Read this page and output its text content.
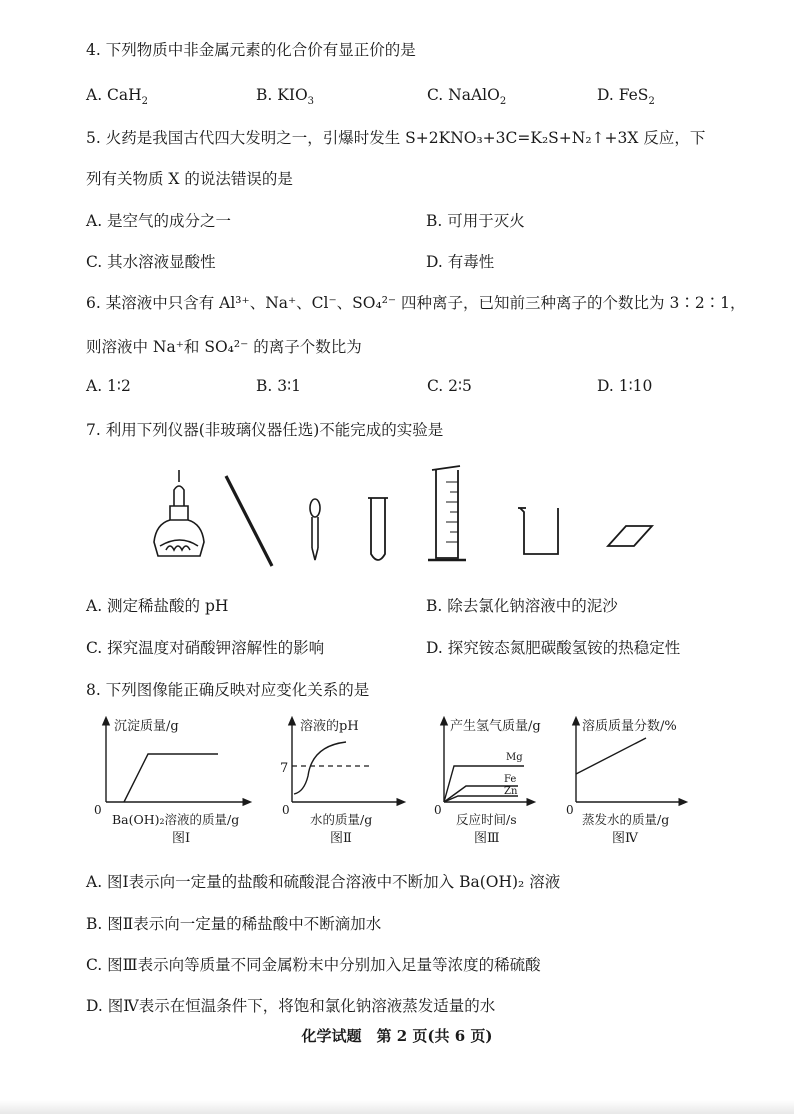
4. 下列物质中非金属元素的化合价有显正价的是
A. CaH$_2$	B. $KIO_3$	C. NaAlO$_2$	D. FeS$_2$
5. 火药是我国古代四大发明之一，引爆时发生 S+2KNO₃+3C=K₂S+N₂↑+3X 反应，下
列有关物质 X 的说法错误的是
A. 是空气的成分之一	B. 可用于灭火
C. 其水溶液显酸性	D. 有毒性
6. 某溶液中只含有 Al³⁺、Na⁺、Cl⁻、SO₄²⁻ 四种离子，已知前三种离子的个数比为 3∶2∶1，
则溶液中 Na⁺和 SO₄²⁻ 的离子个数比为
A. 1∶2	B. 3∶1	C. 2∶5	D. 1∶10
7. 利用下列仪器(非玻璃仪器任选)不能完成的实验是
A. 测定稀盐酸的 pH	B. 除去氯化钠溶液中的泥沙
C. 探究温度对硝酸钾溶解性的影响	D. 探究铵态氮肥碳酸氢铵的热稳定性
8. 下列图像能正确反映对应变化关系的是
沉淀质量/g
0
Ba(OH)₂溶液的质量/g
图Ⅰ
溶液的pH
7
0
水的质量/g
图Ⅱ
产生氢气质量/g
Mg
Fe
Zn
0
反应时间/s
图Ⅲ
溶质质量分数/%
0
蒸发水的质量/g
图Ⅳ
A. 图Ⅰ表示向一定量的盐酸和硫酸混合溶液中不断加入 Ba(OH)₂ 溶液
B. 图Ⅱ表示向一定量的稀盐酸中不断滴加水
C. 图Ⅲ表示向等质量不同金属粉末中分别加入足量等浓度的稀硫酸
D. 图Ⅳ表示在恒温条件下，将饱和氯化钠溶液蒸发适量的水
化学试题　第 2 页(共 6 页)
